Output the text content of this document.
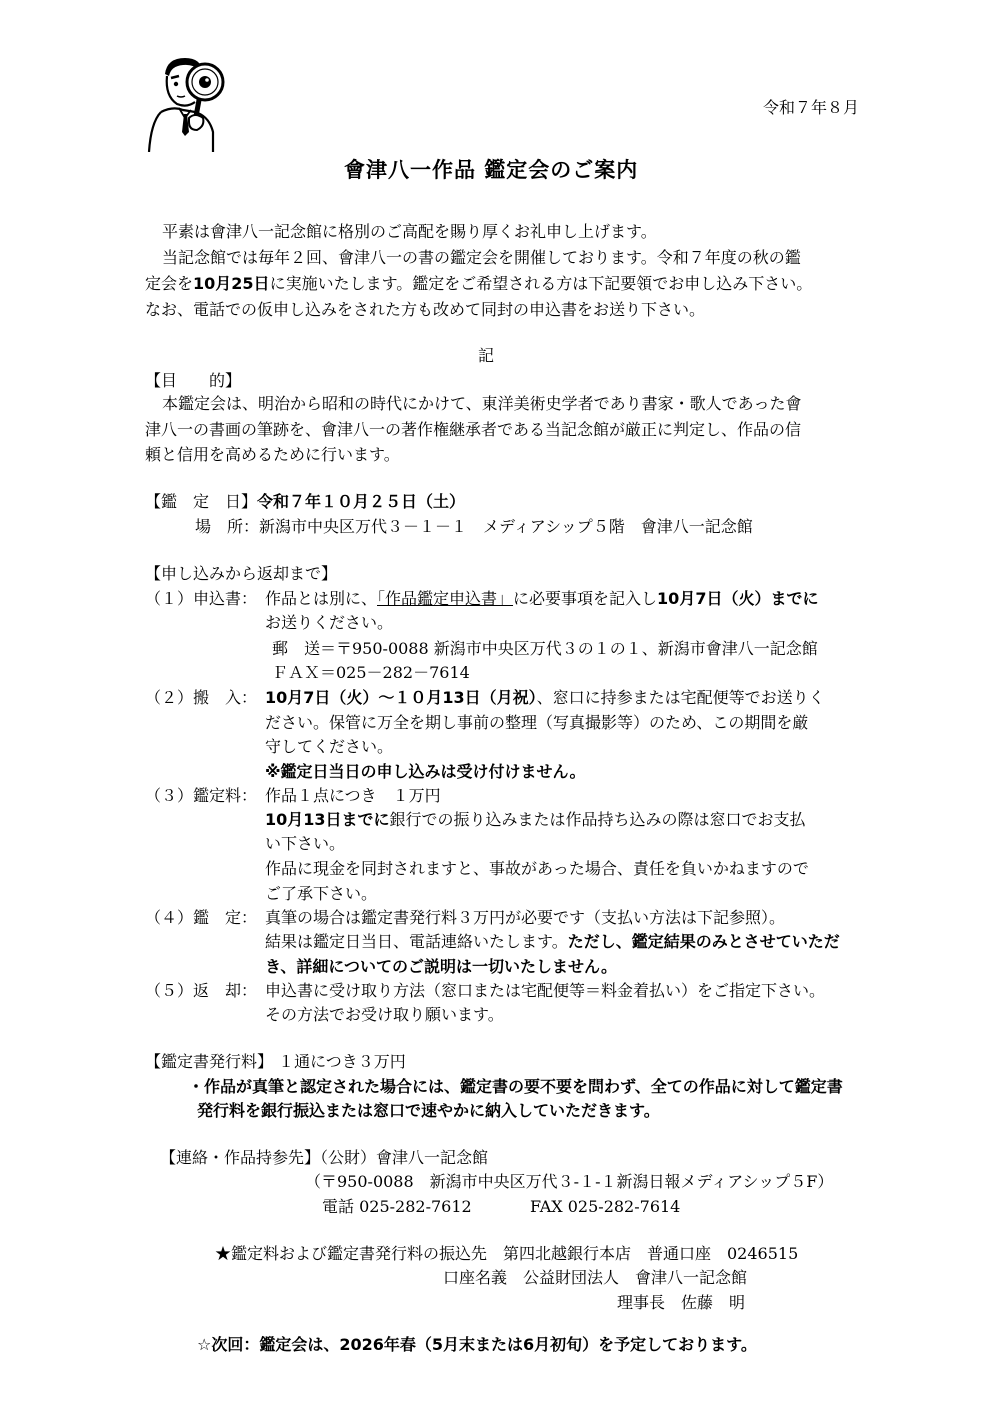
令和７年８月
會津八一作品 鑑定会のご案内
平素は會津八一記念館に格別のご高配を賜り厚くお礼申し上げます。
当記念館では毎年２回、會津八一の書の鑑定会を開催しております。令和７年度の秋の鑑
定会を10月25日に実施いたします。鑑定をご希望される方は下記要領でお申し込み下さい。
なお、電話での仮申し込みをされた方も改めて同封の申込書をお送り下さい。
記
【目　　的】
本鑑定会は、明治から昭和の時代にかけて、東洋美術史学者であり書家・歌人であった會
津八一の書画の筆跡を、會津八一の著作権継承者である当記念館が厳正に判定し、作品の信
頼と信用を高めるために行います。
【鑑　定　日】令和７年１０月２５日（土）
場　所：新潟市中央区万代３－１－１　メディアシップ５階　會津八一記念館
【申し込みから返却まで】
（１）申込書： 作品とは別に、「作品鑑定申込書」に必要事項を記入し10月7日（火）までに
お送りください。
郵　送＝〒950-0088 新潟市中央区万代３の１の１、新潟市會津八一記念館
ＦＡＸ＝025－282－7614
（２）搬　入： 10月7日（火）～１０月13日（月祝）、窓口に持参または宅配便等でお送りく
ださい。保管に万全を期し事前の整理（写真撮影等）のため、この期間を厳
守してください。
※鑑定日当日の申し込みは受け付けません。
（３）鑑定料： 作品１点につき　１万円
10月13日までに銀行での振り込みまたは作品持ち込みの際は窓口でお支払
い下さい。
作品に現金を同封されますと、事故があった場合、責任を負いかねますので
ご了承下さい。
（４）鑑　定： 真筆の場合は鑑定書発行料３万円が必要です（支払い方法は下記参照）。
結果は鑑定日当日、電話連絡いたします。ただし、鑑定結果のみとさせていただ
き、詳細についてのご説明は一切いたしません。
（５）返　却： 申込書に受け取り方法（窓口または宅配便等＝料金着払い）をご指定下さい。
その方法でお受け取り願います。
【鑑定書発行料】 １通につき３万円
・作品が真筆と認定された場合には、鑑定書の要不要を問わず、全ての作品に対して鑑定書
発行料を銀行振込または窓口で速やかに納入していただきます。
【連絡・作品持参先】（公財）會津八一記念館
（〒950-0088　新潟市中央区万代３-１-１新潟日報メディアシップ５F）
電話 025-282-7612	FAX 025-282-7614
★鑑定料および鑑定書発行料の振込先　第四北越銀行本店　普通口座　0246515
口座名義　公益財団法人　會津八一記念館
理事長　佐藤　明
☆次回：鑑定会は、2026年春（5月末または6月初旬）を予定しております。
